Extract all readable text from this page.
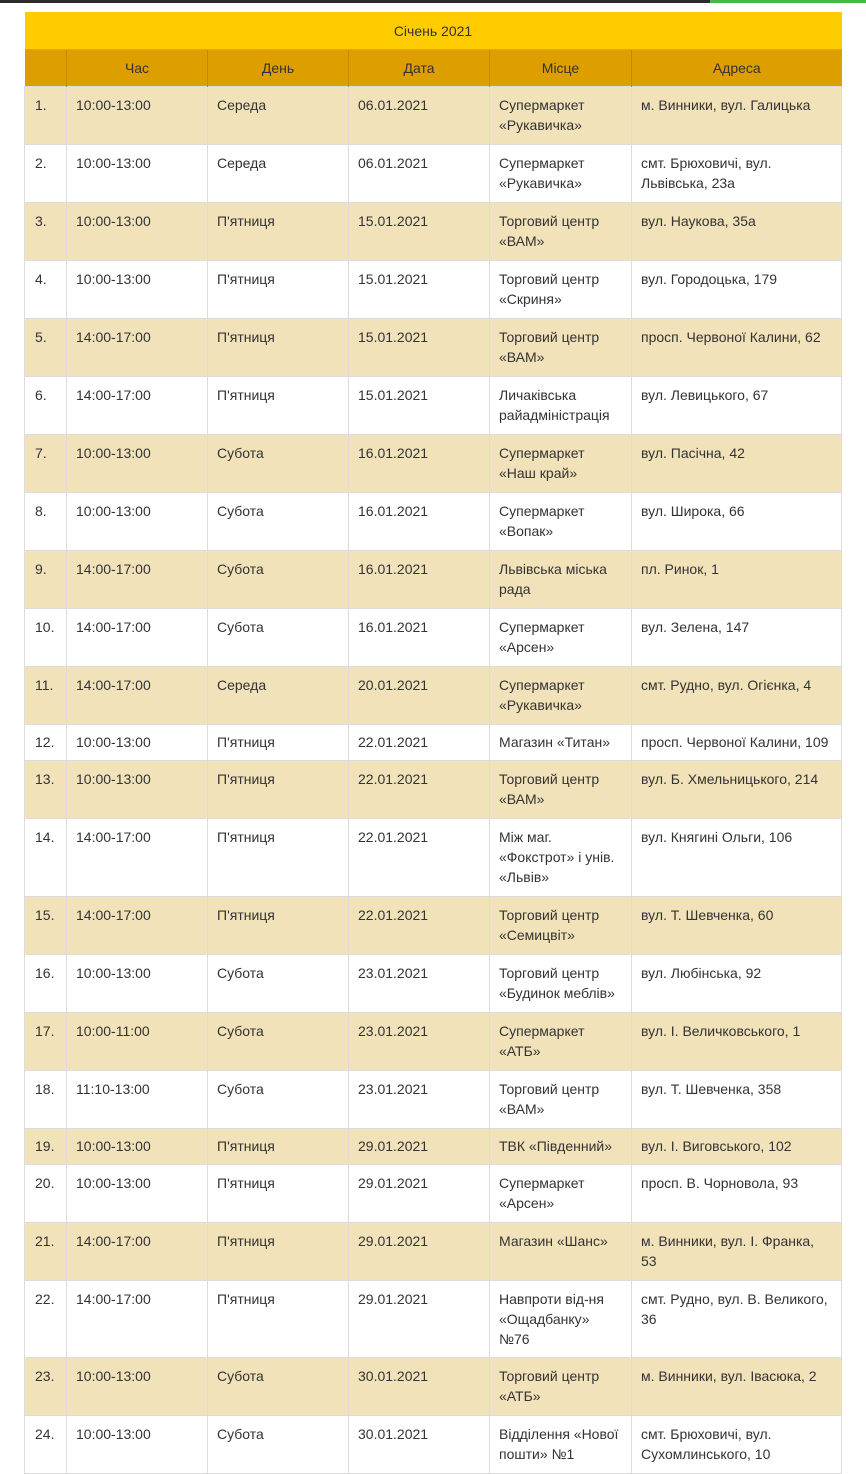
Січень 2021					
	Час	День	Дата	Місце	Адреса
1.	10:00-13:00	Середа	06.01.2021	Супермаркет «Рукавичка»	м. Винники, вул. Галицька
2.	10:00-13:00	Середа	06.01.2021	Супермаркет «Рукавичка»	смт. Брюховичі, вул. Львівська, 23а
3.	10:00-13:00	П'ятниця	15.01.2021	Торговий центр «ВАМ»	вул. Наукова, 35а
4.	10:00-13:00	П'ятниця	15.01.2021	Торговий центр «Скриня»	вул. Городоцька, 179
5.	14:00-17:00	П'ятниця	15.01.2021	Торговий центр «ВАМ»	просп. Червоної Калини, 62
6.	14:00-17:00	П'ятниця	15.01.2021	Личаківська райадміністрація	вул. Левицького, 67
7.	10:00-13:00	Субота	16.01.2021	Супермаркет «Наш край»	вул. Пасічна, 42
8.	10:00-13:00	Субота	16.01.2021	Супермаркет «Вопак»	вул. Широка, 66
9.	14:00-17:00	Субота	16.01.2021	Львівська міська рада	пл. Ринок, 1
10.	14:00-17:00	Субота	16.01.2021	Супермаркет «Арсен»	вул. Зелена, 147
11.	14:00-17:00	Середа	20.01.2021	Супермаркет «Рукавичка»	смт. Рудно, вул. Огієнка, 4
12.	10:00-13:00	П'ятниця	22.01.2021	Магазин «Титан»	просп. Червоної Калини, 109
13.	10:00-13:00	П'ятниця	22.01.2021	Торговий центр «ВАМ»	вул. Б. Хмельницького, 214
14.	14:00-17:00	П'ятниця	22.01.2021	Між маг. «Фокстрот» і унів. «Львів»	вул. Княгині Ольги, 106
15.	14:00-17:00	П'ятниця	22.01.2021	Торговий центр «Семицвіт»	вул. Т. Шевченка, 60
16.	10:00-13:00	Субота	23.01.2021	Торговий центр «Будинок меблів»	вул. Любінська, 92
17.	10:00-11:00	Субота	23.01.2021	Супермаркет «АТБ»	вул. І. Величковського, 1
18.	11:10-13:00	Субота	23.01.2021	Торговий центр «ВАМ»	вул. Т. Шевченка, 358
19.	10:00-13:00	П'ятниця	29.01.2021	ТВК «Південний»	вул. І. Виговського, 102
20.	10:00-13:00	П'ятниця	29.01.2021	Супермаркет «Арсен»	просп. В. Чорновола, 93
21.	14:00-17:00	П'ятниця	29.01.2021	Магазин «Шанс»	м. Винники, вул. І. Франка, 53
22.	14:00-17:00	П'ятниця	29.01.2021	Навпроти від-ня «Ощадбанку» №76	смт. Рудно, вул. В. Великого, 36
23.	10:00-13:00	Субота	30.01.2021	Торговий центр «АТБ»	м. Винники, вул. Івасюка, 2
24.	10:00-13:00	Субота	30.01.2021	Відділення «Нової пошти» №1	смт. Брюховичі, вул. Сухомлинського, 10
